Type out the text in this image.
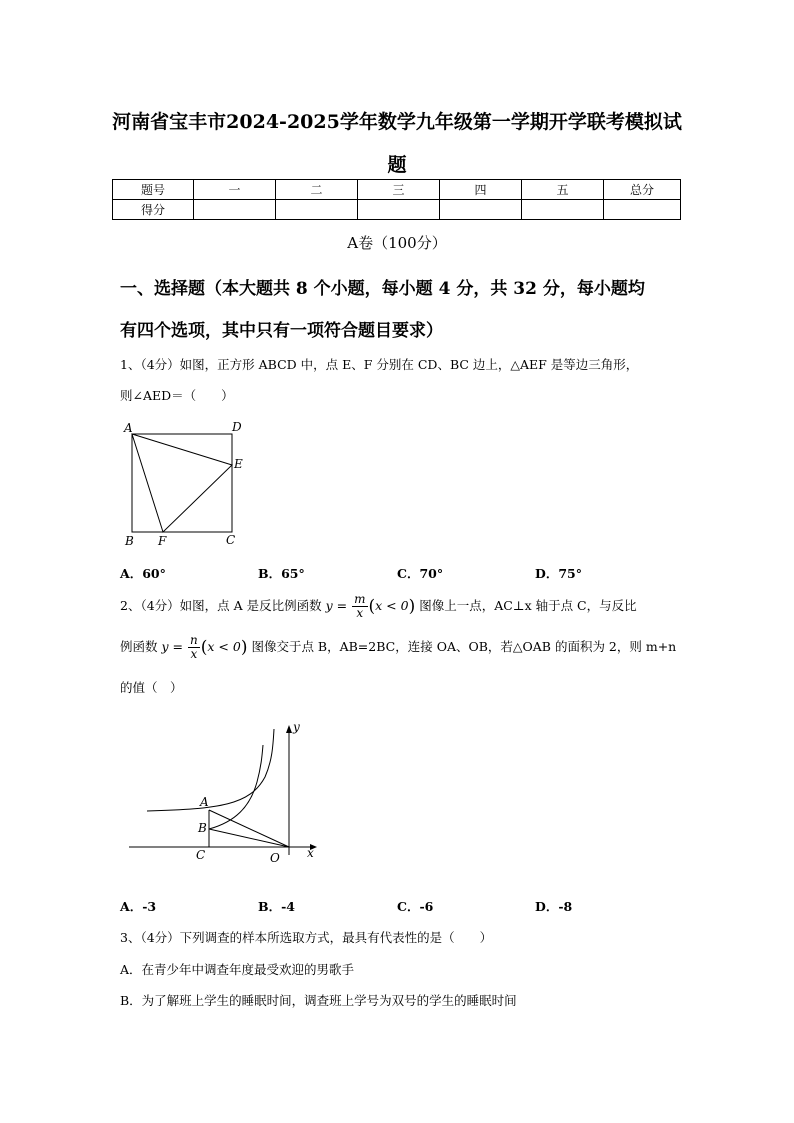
河南省宝丰市2024-2025学年数学九年级第一学期开学联考模拟试
题
题号	一	二	三	四	五	总分
得分						
A卷（100分）
一、选择题（本大题共 8 个小题，每小题 4 分，共 32 分，每小题均
有四个选项，其中只有一项符合题目要求）
1、（4分）如图，正方形 ABCD 中，点 E、F 分别在 CD、BC 边上，△AEF 是等边三角形，
则∠AED＝（　　）
A	D
E
B F	C
A．60°	B．65°	C．70°	D．75°
2、（4分）如图，点 A 是反比例函数 $y = \frac{m}{x} (x < 0)$ 图像上一点，AC⊥x 轴于点 C，与反比
例函数 $y = \frac{n}{x} (x < 0)$ 图像交于点 B，AB=2BC，连接 OA、OB，若△OAB 的面积为 2，则 m+n
的值（　）
y
x
A
B
C	O
A．-3	B．-4	C．-6	D．-8
3、（4分）下列调查的样本所选取方式，最具有代表性的是（　　）
A．在青少年中调查年度最受欢迎的男歌手
B．为了解班上学生的睡眠时间，调查班上学号为双号的学生的睡眠时间
